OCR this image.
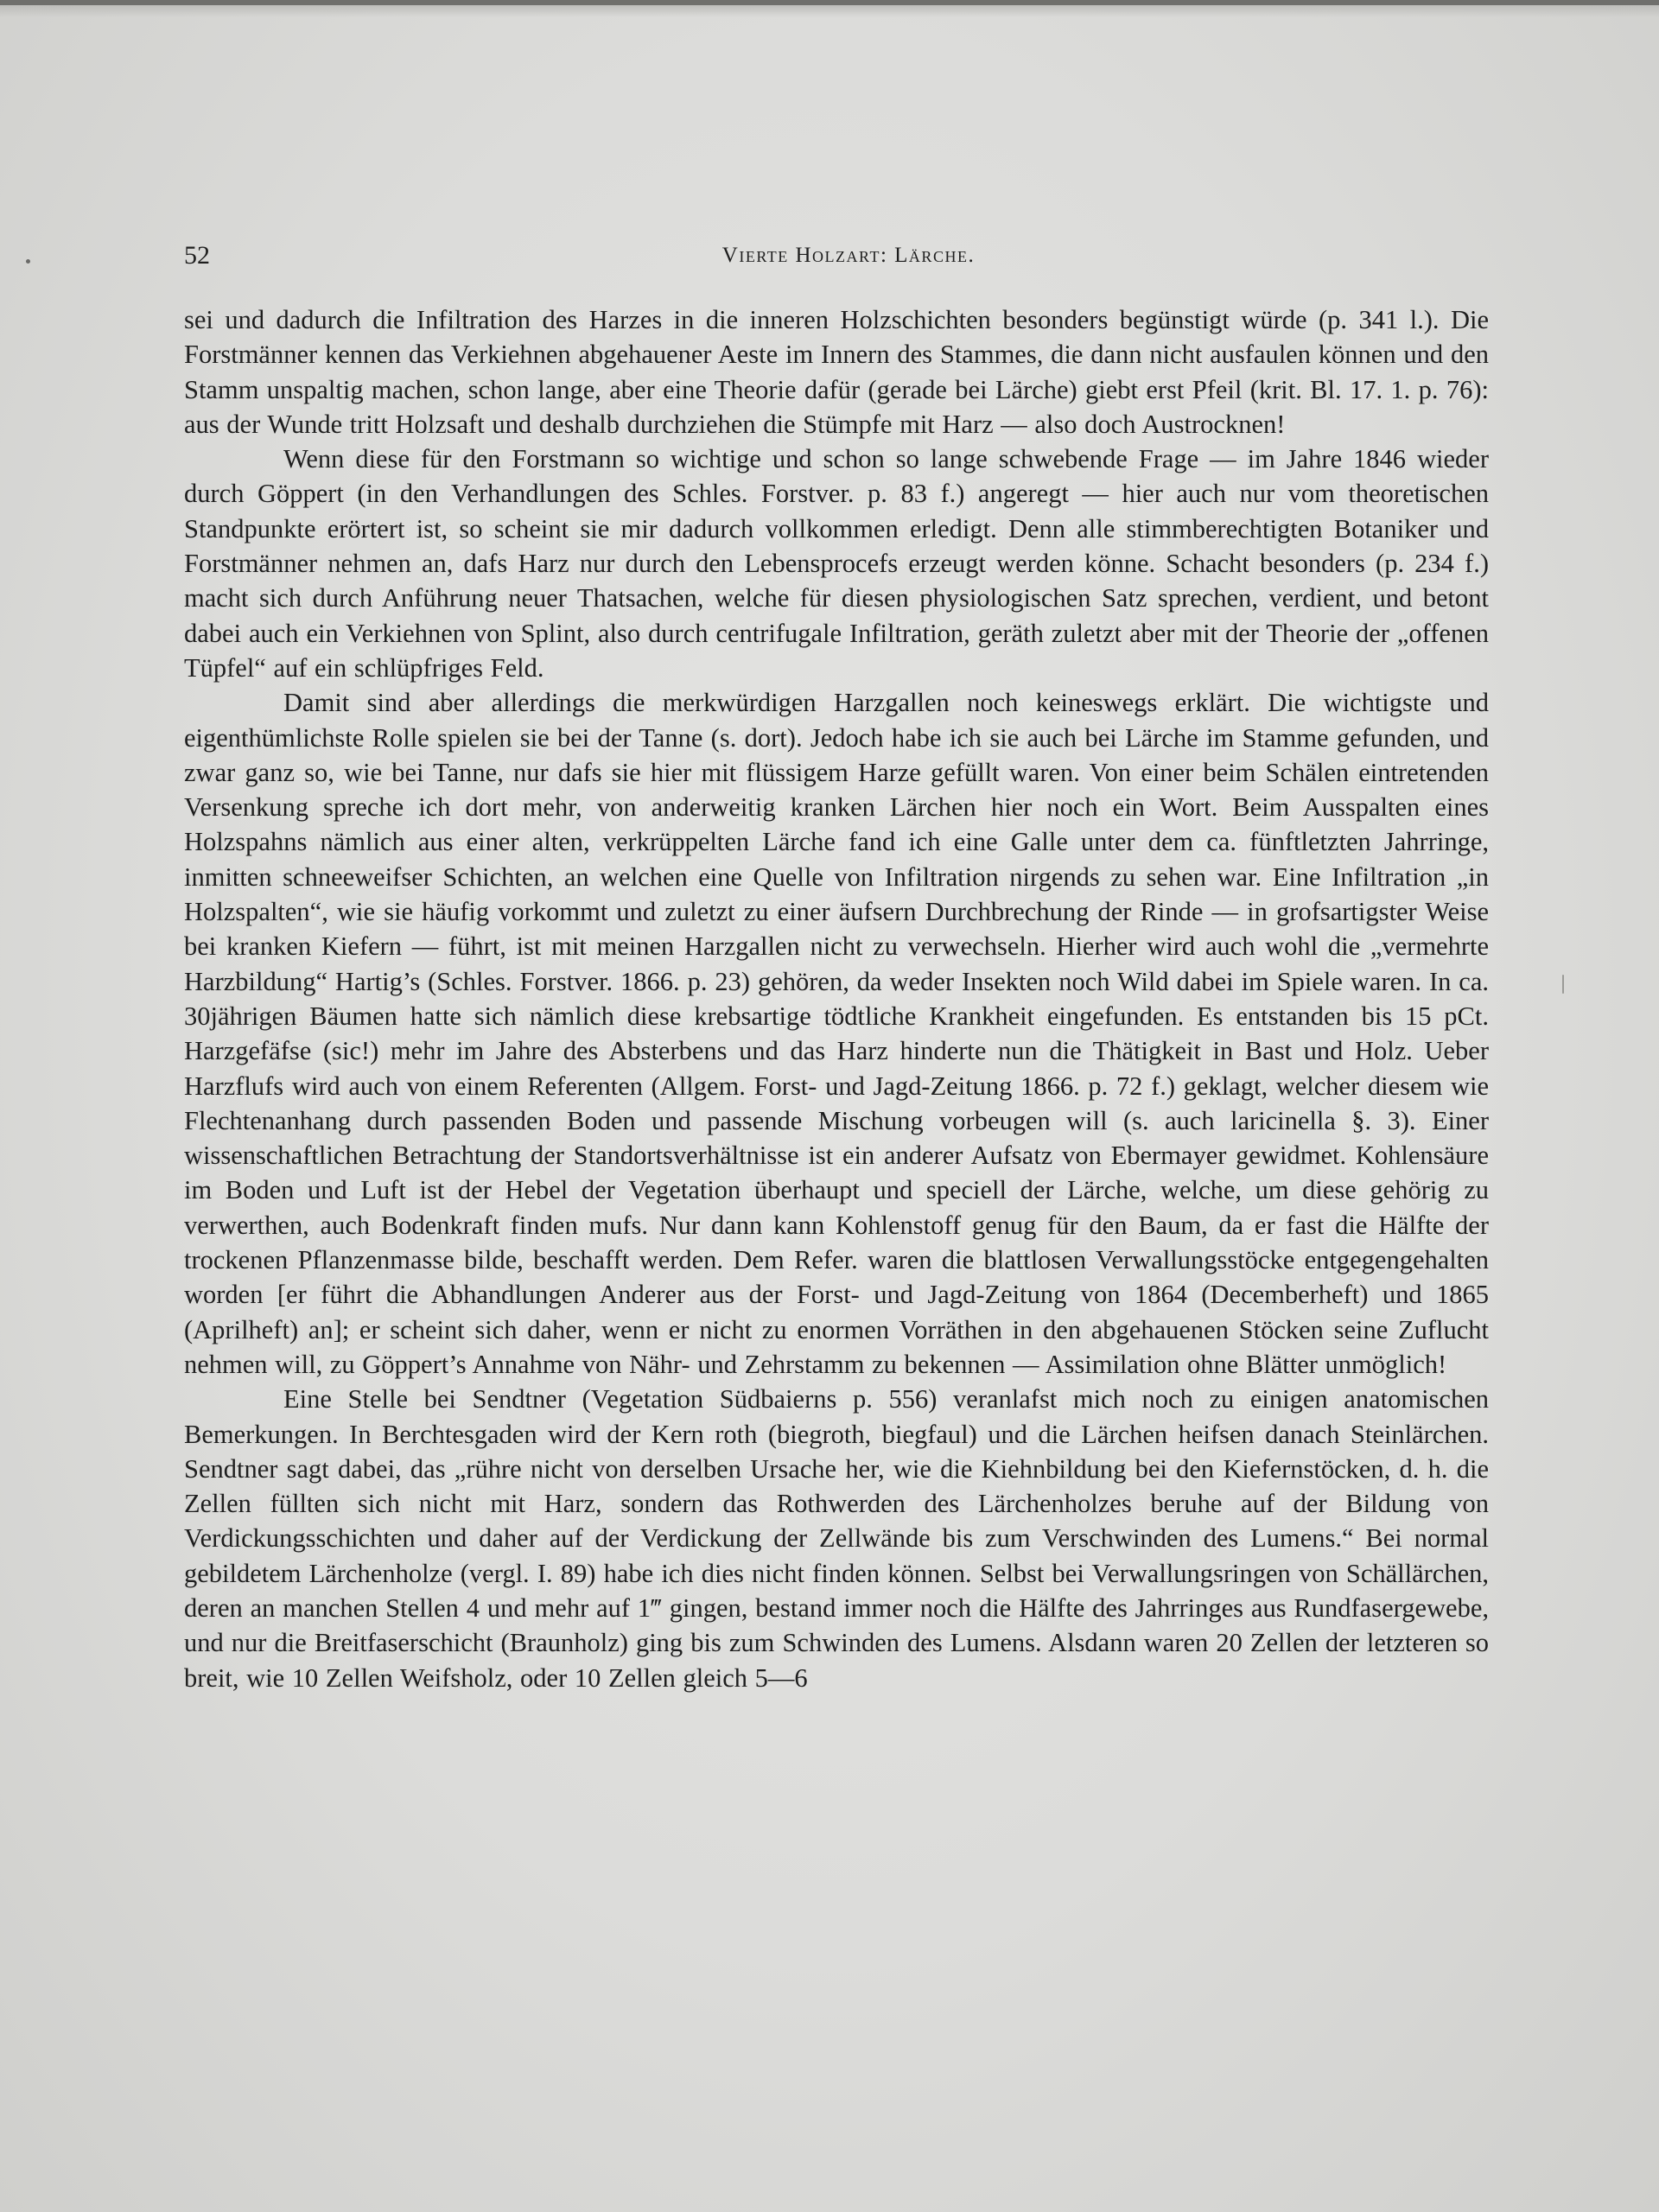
52	Vierte Holzart: Lärche.

sei und dadurch die Infiltration des Harzes in die inneren Holzschichten besonders begünstigt würde (p. 341 l.). Die Forstmänner kennen das Verkiehnen abgehauener Aeste im Innern des Stammes, die dann nicht ausfaulen können und den Stamm unspaltig machen, schon lange, aber eine Theorie dafür (gerade bei Lärche) giebt erst Pfeil (krit. Bl. 17. 1. p. 76): aus der Wunde tritt Holzsaft und deshalb durchziehen die Stümpfe mit Harz — also doch Austrocknen!

Wenn diese für den Forstmann so wichtige und schon so lange schwebende Frage — im Jahre 1846 wieder durch Göppert (in den Verhandlungen des Schles. Forstver. p. 83 f.) angeregt — hier auch nur vom theoretischen Standpunkte erörtert ist, so scheint sie mir dadurch vollkommen erledigt. Denn alle stimmberechtigten Botaniker und Forstmänner nehmen an, dafs Harz nur durch den Lebensprocefs erzeugt werden könne. Schacht besonders (p. 234 f.) macht sich durch Anführung neuer Thatsachen, welche für diesen physiologischen Satz sprechen, verdient, und betont dabei auch ein Verkiehnen von Splint, also durch centrifugale Infiltration, geräth zuletzt aber mit der Theorie der „offenen Tüpfel“ auf ein schlüpfriges Feld.

Damit sind aber allerdings die merkwürdigen Harzgallen noch keineswegs erklärt. Die wichtigste und eigenthümlichste Rolle spielen sie bei der Tanne (s. dort). Jedoch habe ich sie auch bei Lärche im Stamme gefunden, und zwar ganz so, wie bei Tanne, nur dafs sie hier mit flüssigem Harze gefüllt waren. Von einer beim Schälen eintretenden Versenkung spreche ich dort mehr, von anderweitig kranken Lärchen hier noch ein Wort. Beim Ausspalten eines Holzspahns nämlich aus einer alten, verkrüppelten Lärche fand ich eine Galle unter dem ca. fünftletzten Jahrringe, inmitten schneeweifser Schichten, an welchen eine Quelle von Infiltration nirgends zu sehen war. Eine Infiltration „in Holzspalten“, wie sie häufig vorkommt und zuletzt zu einer äufsern Durchbrechung der Rinde — in grofsartigster Weise bei kranken Kiefern — führt, ist mit meinen Harzgallen nicht zu verwechseln. Hierher wird auch wohl die „vermehrte Harzbildung“ Hartig’s (Schles. Forstver. 1866. p. 23) gehören, da weder Insekten noch Wild dabei im Spiele waren. In ca. 30jährigen Bäumen hatte sich nämlich diese krebsartige tödtliche Krankheit eingefunden. Es entstanden bis 15 pCt. Harzgefäfse (sic!) mehr im Jahre des Absterbens und das Harz hinderte nun die Thätigkeit in Bast und Holz. Ueber Harzflufs wird auch von einem Referenten (Allgem. Forst- und Jagd-Zeitung 1866. p. 72 f.) geklagt, welcher diesem wie Flechtenanhang durch passenden Boden und passende Mischung vorbeugen will (s. auch laricinella §. 3). Einer wissenschaftlichen Betrachtung der Standortsverhältnisse ist ein anderer Aufsatz von Ebermayer gewidmet. Kohlensäure im Boden und Luft ist der Hebel der Vegetation überhaupt und speciell der Lärche, welche, um diese gehörig zu verwerthen, auch Bodenkraft finden mufs. Nur dann kann Kohlenstoff genug für den Baum, da er fast die Hälfte der trockenen Pflanzenmasse bilde, beschafft werden. Dem Refer. waren die blattlosen Verwallungsstöcke entgegengehalten worden [er führt die Abhandlungen Anderer aus der Forst- und Jagd-Zeitung von 1864 (Decemberheft) und 1865 (Aprilheft) an]; er scheint sich daher, wenn er nicht zu enormen Vorräthen in den abgehauenen Stöcken seine Zuflucht nehmen will, zu Göppert’s Annahme von Nähr- und Zehrstamm zu bekennen — Assimilation ohne Blätter unmöglich!

Eine Stelle bei Sendtner (Vegetation Südbaierns p. 556) veranlafst mich noch zu einigen anatomischen Bemerkungen. In Berchtesgaden wird der Kern roth (biegroth, biegfaul) und die Lärchen heifsen danach Steinlärchen. Sendtner sagt dabei, das „rühre nicht von derselben Ursache her, wie die Kiehnbildung bei den Kiefernstöcken, d. h. die Zellen füllten sich nicht mit Harz, sondern das Rothwerden des Lärchenholzes beruhe auf der Bildung von Verdickungsschichten und daher auf der Verdickung der Zellwände bis zum Verschwinden des Lumens.“ Bei normal gebildetem Lärchenholze (vergl. I. 89) habe ich dies nicht finden können. Selbst bei Verwallungsringen von Schällärchen, deren an manchen Stellen 4 und mehr auf 1‴ gingen, bestand immer noch die Hälfte des Jahrringes aus Rundfasergewebe, und nur die Breitfaserschicht (Braunholz) ging bis zum Schwinden des Lumens. Alsdann waren 20 Zellen der letzteren so breit, wie 10 Zellen Weifsholz, oder 10 Zellen gleich 5—6
